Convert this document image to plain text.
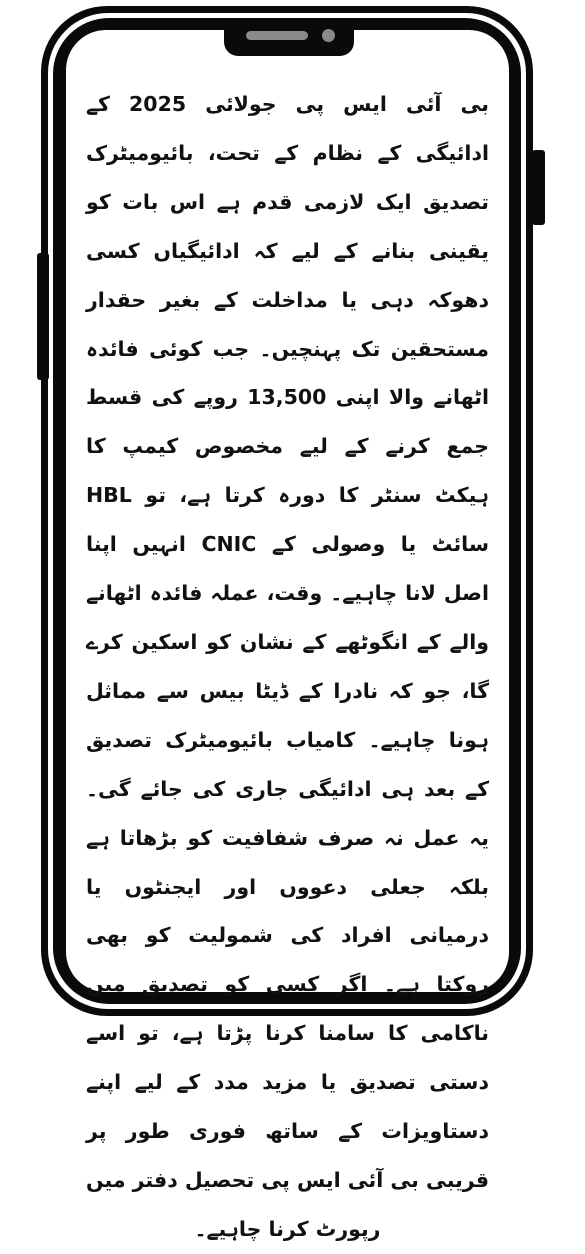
بی آئی ایس پی جولائی 2025 کے ادائیگی کے نظام کے تحت، بائیومیٹرک تصدیق ایک لازمی قدم ہے اس بات کو یقینی بنانے کے لیے کہ ادائیگیاں کسی دھوکہ دہی یا مداخلت کے بغیر حقدار مستحقین تک پہنچیں۔ جب کوئی فائدہ اٹھانے والا اپنی 13,500 روپے کی قسط جمع کرنے کے لیے مخصوص کیمپ کا ہیکٹ سنٹر کا دورہ کرتا ہے، تو HBL سائٹ یا وصولی کے CNIC انہیں اپنا اصل لانا چاہیے۔ وقت، عملہ فائدہ اٹھانے والے کے انگوٹھے کے نشان کو اسکین کرے گا، جو کہ نادرا کے ڈیٹا بیس سے مماثل ہونا چاہیے۔ کامیاب بائیومیٹرک تصدیق کے بعد ہی ادائیگی جاری کی جائے گی۔ یہ عمل نہ صرف شفافیت کو بڑھاتا ہے بلکہ جعلی دعووں اور ایجنٹوں یا درمیانی افراد کی شمولیت کو بھی روکتا ہے۔ اگر کسی کو تصدیق میں ناکامی کا سامنا کرنا پڑتا ہے، تو اسے دستی تصدیق یا مزید مدد کے لیے اپنے دستاویزات کے ساتھ فوری طور پر قریبی بی آئی ایس پی تحصیل دفتر میں رپورٹ کرنا چاہیے۔
